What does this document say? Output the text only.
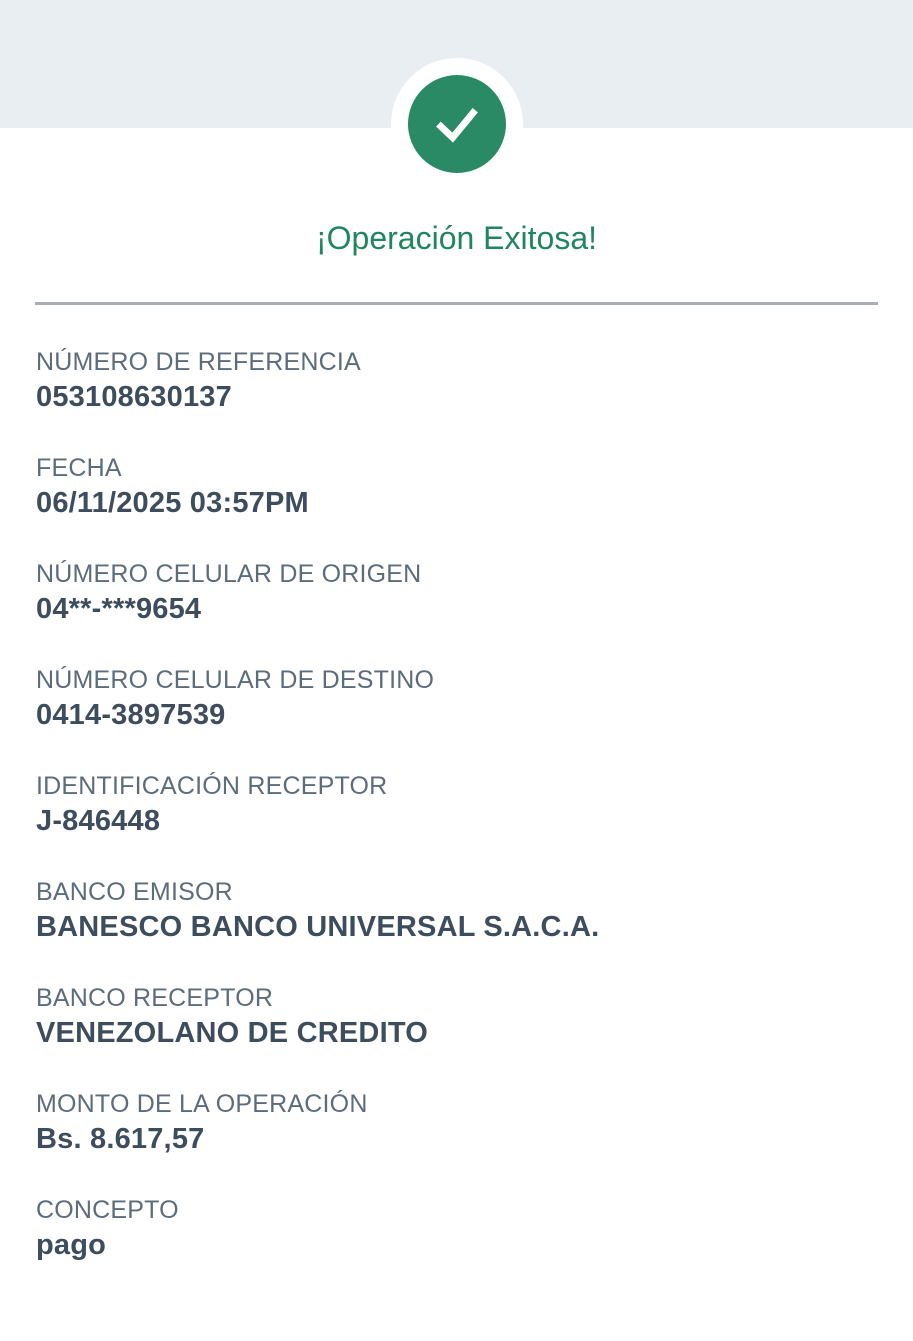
¡Operación Exitosa!
NÚMERO DE REFERENCIA
053108630137
FECHA
06/11/2025 03:57PM
NÚMERO CELULAR DE ORIGEN
04**-***9654
NÚMERO CELULAR DE DESTINO
0414-3897539
IDENTIFICACIÓN RECEPTOR
J-846448
BANCO EMISOR
BANESCO BANCO UNIVERSAL S.A.C.A.
BANCO RECEPTOR
VENEZOLANO DE CREDITO
MONTO DE LA OPERACIÓN
Bs. 8.617,57
CONCEPTO
pago
